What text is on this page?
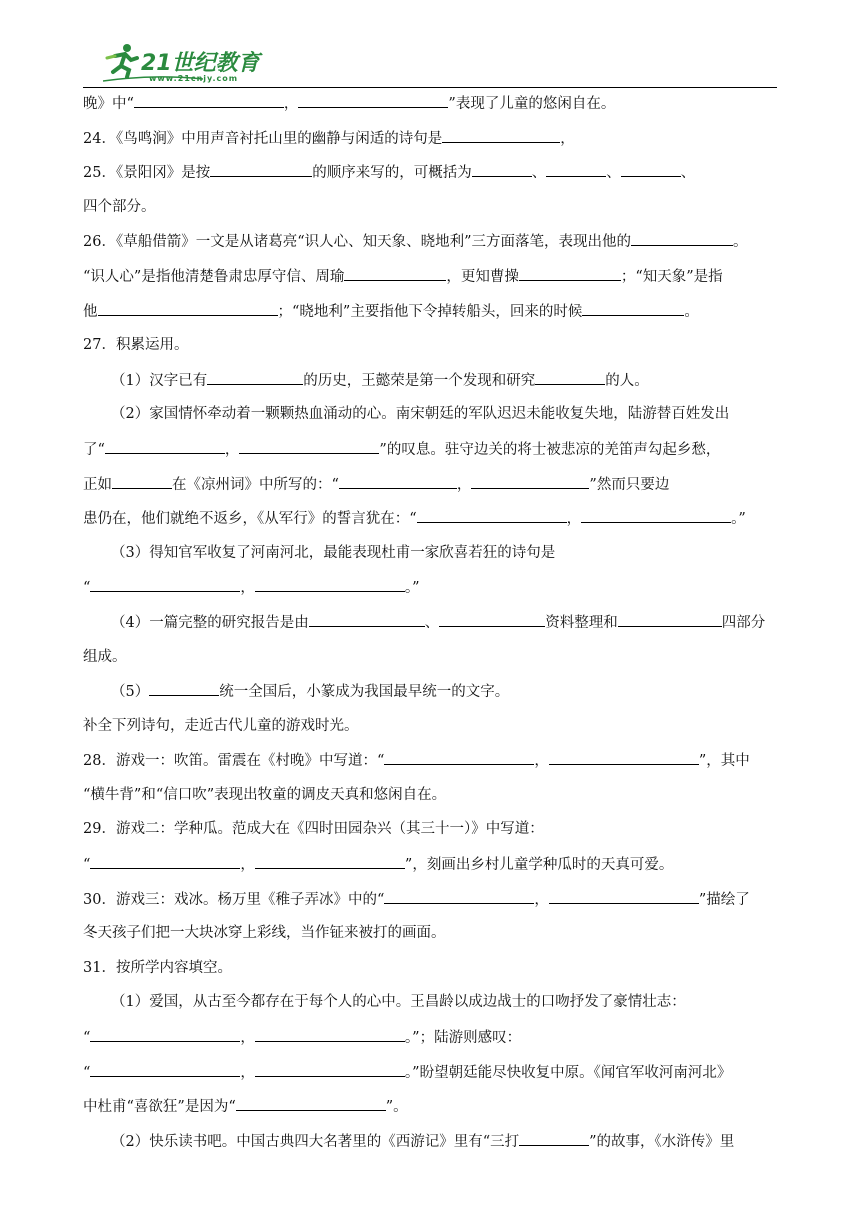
21世纪教育
www.21cnjy.com
晚》中“	，	”表现了儿童的悠闲自在。
24．《鸟鸣涧》中用声音衬托山里的幽静与闲适的诗句是	，
25．《景阳冈》是按	的顺序来写的，可概括为	、	、	、
四个部分。
26．《草船借箭》一文是从诸葛亮“识人心、知天象、晓地利”三方面落笔，表现出他的	。
“识人心”是指他清楚鲁肃忠厚守信、周瑜	，更知曹操	；“知天象”是指
他	；“晓地利”主要指他下令掉转船头，回来的时候	。
27．积累运用。
（1）汉字已有	的历史，王懿荣是第一个发现和研究	的人。
（2）家国情怀牵动着一颗颗热血涌动的心。南宋朝廷的军队迟迟未能收复失地，陆游替百姓发出
了“	，	”的叹息。驻守边关的将士被悲凉的羌笛声勾起乡愁，
正如	在《凉州词》中所写的：“	，	”然而只要边
患仍在，他们就绝不返乡，《从军行》的誓言犹在：“	，	。”
（3）得知官军收复了河南河北，最能表现杜甫一家欣喜若狂的诗句是
“	，	。”
（4）一篇完整的研究报告是由	、	资料整理和	四部分
组成。
（5）	统一全国后，小篆成为我国最早统一的文字。
补全下列诗句，走近古代儿童的游戏时光。
28．游戏一：吹笛。雷震在《村晚》中写道：“	，	”，其中
“横牛背”和“信口吹”表现出牧童的调皮天真和悠闲自在。
29．游戏二：学种瓜。范成大在《四时田园杂兴（其三十一）》中写道：
“	，	”，刻画出乡村儿童学种瓜时的天真可爱。
30．游戏三：戏冰。杨万里《稚子弄冰》中的“	，	”描绘了
冬天孩子们把一大块冰穿上彩线，当作钲来被打的画面。
31．按所学内容填空。
（1）爱国，从古至今都存在于每个人的心中。王昌龄以成边战士的口吻抒发了豪情壮志：
“	，	。”；陆游则感叹：
“	，	。”盼望朝廷能尽快收复中原。《闻官军收河南河北》
中杜甫“喜欲狂”是因为“	”。
（2）快乐读书吧。中国古典四大名著里的《西游记》里有“三打	”的故事，《水浒传》里
